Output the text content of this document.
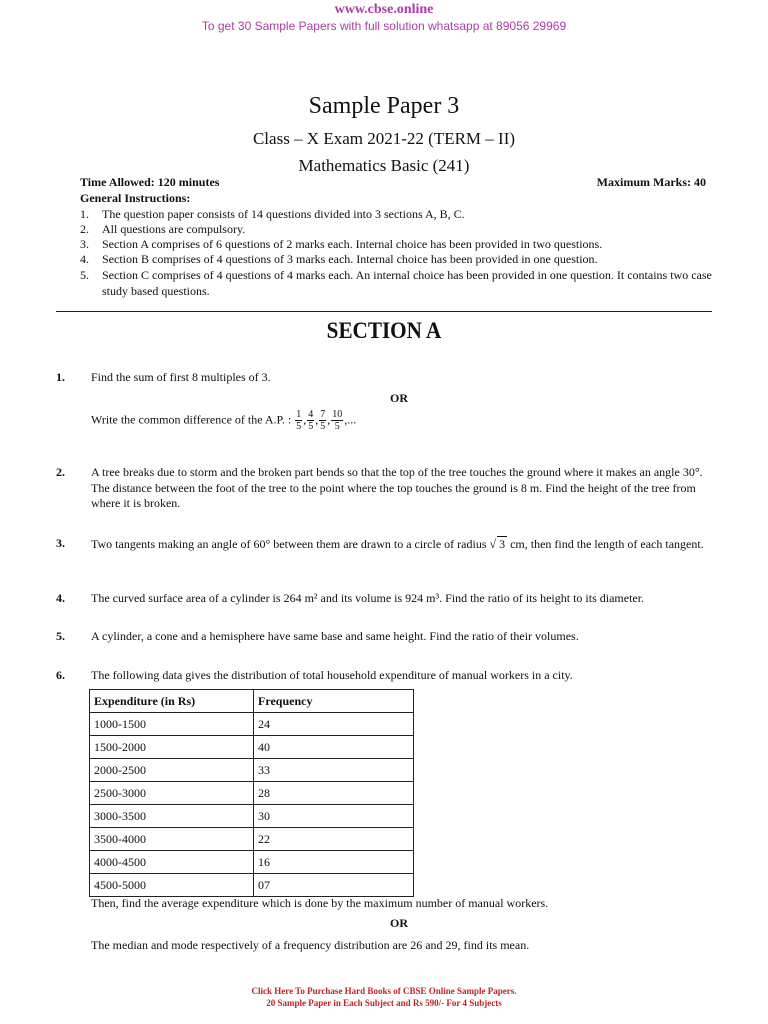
www.cbse.online
To get 30 Sample Papers with full solution whatsapp at 89056 29969
Sample Paper 3
Class – X Exam 2021-22 (TERM – II)
Mathematics Basic (241)
Time Allowed: 120 minutes	Maximum Marks: 40
General Instructions:
1.	The question paper consists of 14 questions divided into 3 sections A, B, C.
2.	All questions are compulsory.
3.	Section A comprises of 6 questions of 2 marks each. Internal choice has been provided in two questions.
4.	Section B comprises of 4 questions of 3 marks each. Internal choice has been provided in one question.
5.	Section C comprises of 4 questions of 4 marks each. An internal choice has been provided in one question. It contains two case study based questions.
SECTION A
1. Find the sum of first 8 multiples of 3.
OR
Write the common difference of the A.P. : $\frac{1}{5}$ , $\frac{4}{5}$ , $\frac{7}{5}$ , $\frac{10}{5}$ ,...
2. A tree breaks due to storm and the broken part bends so that the top of the tree touches the ground where it makes an angle 30°. The distance between the foot of the tree to the point where the top touches the ground is 8 m. Find the height of the tree from where it is broken.
3. Two tangents making an angle of 60° between them are drawn to a circle of radius √ 3 cm, then find the length of each tangent.
4. The curved surface area of a cylinder is 264 m² and its volume is 924 m³. Find the ratio of its height to its diameter.
5. A cylinder, a cone and a hemisphere have same base and same height. Find the ratio of their volumes.
6. The following data gives the distribution of total household expenditure of manual workers in a city.
Expenditure (in Rs)	Frequency
1000-1500	24
1500-2000	40
2000-2500	33
2500-3000	28
3000-3500	30
3500-4000	22
4000-4500	16
4500-5000	07
Then, find the average expenditure which is done by the maximum number of manual workers.
OR
The median and mode respectively of a frequency distribution are 26 and 29, find its mean.
Click Here To Purchase Hard Books of CBSE Online Sample Papers.
20 Sample Paper in Each Subject and Rs 590/- For 4 Subjects
